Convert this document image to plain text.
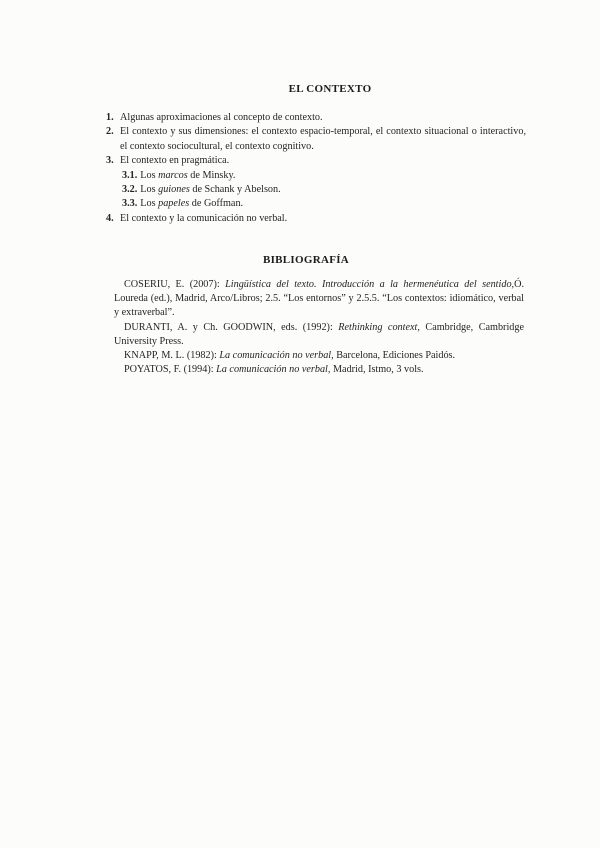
EL CONTEXTO
1. Algunas aproximaciones al concepto de contexto.
2. El contexto y sus dimensiones: el contexto espacio-temporal, el contexto situacional o interactivo, el contexto sociocultural, el contexto cognitivo.
3. El contexto en pragmática.
3.1. Los marcos de Minsky.
3.2. Los guiones de Schank y Abelson.
3.3. Los papeles de Goffman.
4. El contexto y la comunicación no verbal.
BIBLIOGRAFÍA
COSERIU, E. (2007): Lingüística del texto. Introducción a la hermenéutica del sentido,Ó. Loureda (ed.), Madrid, Arco/Libros; 2.5. “Los entornos” y 2.5.5. “Los contextos: idiomático, verbal y extraverbal”.
DURANTI, A. y Ch. GOODWIN, eds. (1992): Rethinking context, Cambridge, Cambridge University Press.
KNAPP, M. L. (1982): La comunicación no verbal, Barcelona, Ediciones Paidós.
POYATOS, F. (1994): La comunicación no verbal, Madrid, Istmo, 3 vols.
